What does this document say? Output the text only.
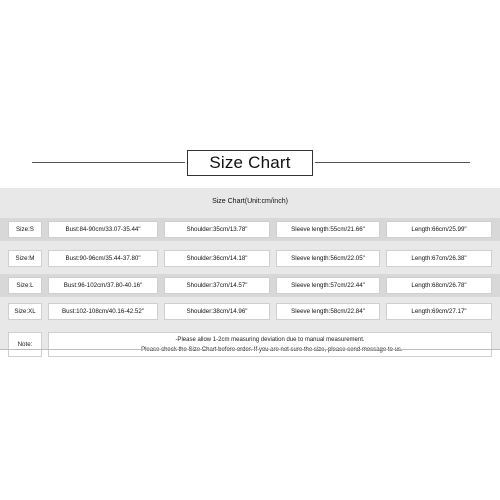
Size Chart
Size Chart(Unit:cm/inch)
Size:S	Bust:84-90cm/33.07-35.44"	Shoulder:35cm/13.78"	Sleeve length:55cm/21.66"	Length:66cm/25.99"
Size:M	Bust:90-96cm/35.44-37.80"	Shoulder:36cm/14.18"	Sleeve length:56cm/22.05"	Length:67cm/26.38"
Size:L	Bust:96-102cm/37.80-40.16"	Shoulder:37cm/14.57"	Sleeve length:57cm/22.44"	Length:68cm/26.78"
Size:XL	Bust:102-108cm/40.16-42.52"	Shoulder:38cm/14.96"	Sleeve length:58cm/22.84"	Length:69cm/27.17"
Note:
-Please allow 1-2cm measuring deviation due to manual measurement.
